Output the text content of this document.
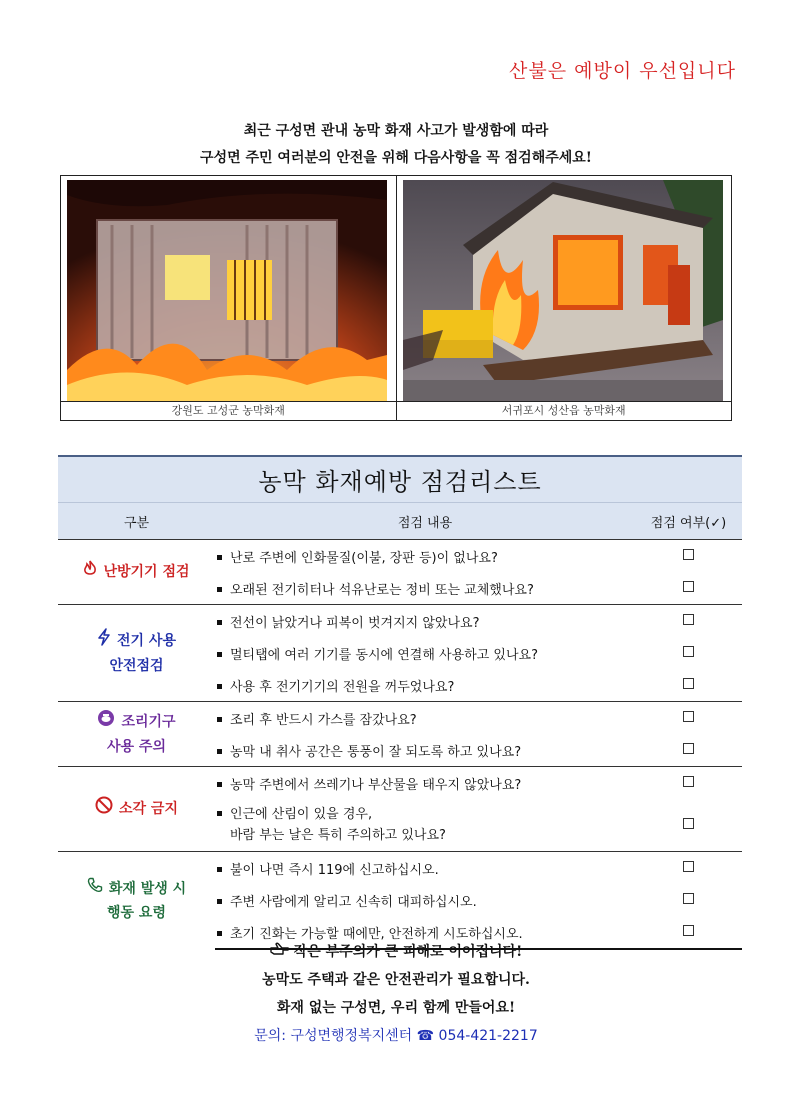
산불은 예방이 우선입니다
최근 구성면 관내 농막 화재 사고가 발생함에 따라
구성면 주민 여러분의 안전을 위해 다음사항을 꼭 점검해주세요!
강원도 고성군 농막화재	서귀포시 성산읍 농막화재
농막 화재예방 점검리스트		
구분	점검 내용	점검 여부(✓)
난방기기 점검	난로 주변에 인화물질(이불, 장판 등)이 없나요?	
	오래된 전기히터나 석유난로는 정비 또는 교체했나요?	

전기 사용
안전점검	전선이 낡았거나 피복이 벗겨지지 않았나요?	
	멀티탭에 여러 기기를 동시에 연결해 사용하고 있나요?	
	사용 후 전기기기의 전원을 꺼두었나요?	

조리기구
사용 주의	조리 후 반드시 가스를 잠갔나요?	
	농막 내 취사 공간은 통풍이 잘 되도록 하고 있나요?	
소각 금지	농막 주변에서 쓰레기나 부산물을 태우지 않았나요?	

	인근에 산림이 있을 경우,
바람 부는 날은 특히 주의하고 있나요?	

화재 발생 시
행동 요령	불이 나면 즉시 119에 신고하십시오.	
	주변 사람에게 알리고 신속히 대피하십시오.	
	초기 진화는 가능할 때에만, 안전하게 시도하십시오.	
작은 부주의가 큰 피해로 이어집니다!
농막도 주택과 같은 안전관리가 필요합니다.
화재 없는 구성면, 우리 함께 만들어요!
문의: 구성면행정복지센터 ☎ 054-421-2217
